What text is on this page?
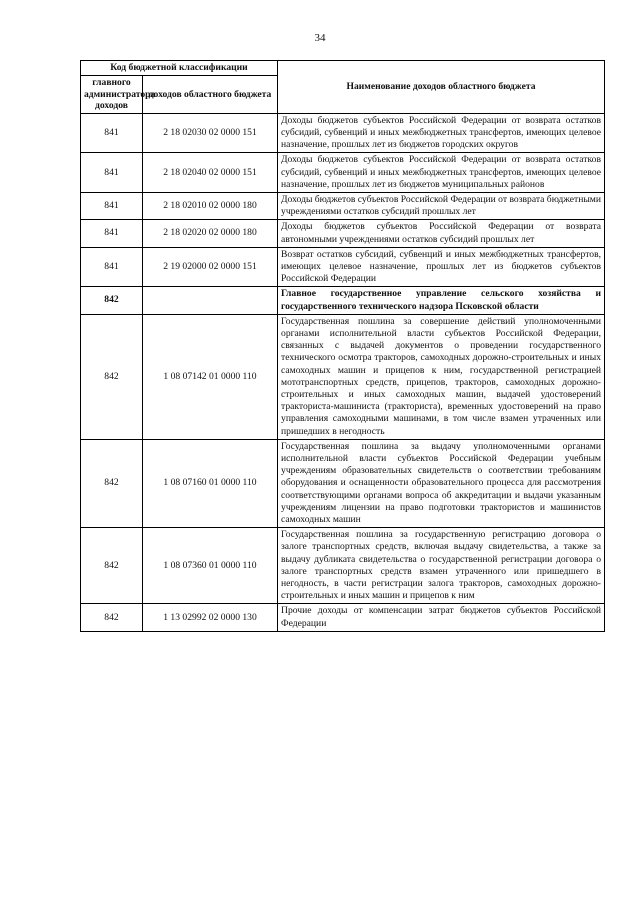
34
Код бюджетной классификации		Наименование доходов областного бюджета
главного администратора доходов	доходов областного бюджета	
841	2 18 02030 02 0000 151	Доходы бюджетов субъектов Российской Федерации от возврата остатков субсидий, субвенций и иных межбюджетных трансфертов, имеющих целевое назначение, прошлых лет из бюджетов городских округов
841	2 18 02040 02 0000 151	Доходы бюджетов субъектов Российской Федерации от возврата остатков субсидий, субвенций и иных межбюджетных трансфертов, имеющих целевое назначение, прошлых лет из бюджетов муниципальных районов
841	2 18 02010 02 0000 180	Доходы бюджетов субъектов Российской Федерации от возврата бюджетными учреждениями остатков субсидий прошлых лет
841	2 18 02020 02 0000 180	Доходы бюджетов субъектов Российской Федерации от возврата автономными учреждениями остатков субсидий прошлых лет
841	2 19 02000 02 0000 151	Возврат остатков субсидий, субвенций и иных межбюджетных трансфертов, имеющих целевое назначение, прошлых лет из бюджетов субъектов Российской Федерации
842		Главное государственное управление сельского хозяйства и государственного технического надзора Псковской области
842	1 08 07142 01 0000 110	Государственная пошлина за совершение действий уполномоченными органами исполнительной власти субъектов Российской Федерации, связанных с выдачей документов о проведении государственного технического осмотра тракторов, самоходных дорожно-строительных и иных самоходных машин и прицепов к ним, государственной регистрацией мототранспортных средств, прицепов, тракторов, самоходных дорожно-строительных и иных самоходных машин, выдачей удостоверений тракториста-машиниста (тракториста), временных удостоверений на право управления самоходными машинами, в том числе взамен утраченных или пришедших в негодность
842	1 08 07160 01 0000 110	Государственная пошлина за выдачу уполномоченными органами исполнительной власти субъектов Российской Федерации учебным учреждениям образовательных свидетельств о соответствии требованиям оборудования и оснащенности образовательного процесса для рассмотрения соответствующими органами вопроса об аккредитации и выдачи указанным учреждениям лицензии на право подготовки трактористов и машинистов самоходных машин
842	1 08 07360 01 0000 110	Государственная пошлина за государственную регистрацию договора о залоге транспортных средств, включая выдачу свидетельства, а также за выдачу дубликата свидетельства о государственной регистрации договора о залоге транспортных средств взамен утраченного или пришедшего в негодность, в части регистрации залога тракторов, самоходных дорожно-строительных и иных машин и прицепов к ним
842	1 13 02992 02 0000 130	Прочие доходы от компенсации затрат бюджетов субъектов Российской Федерации
